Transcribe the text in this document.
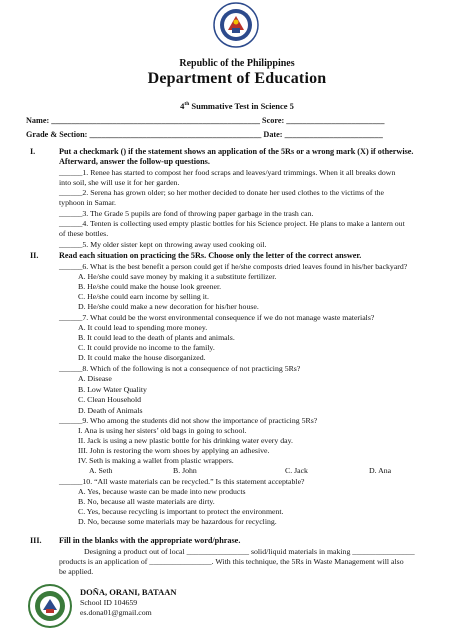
Republic of the Philippines
Department of Education
4th Summative Test in Science 5
Name: ___________________________________________________ Score: ________________________
Grade & Section: __________________________________________ Date: ________________________
I.	Put a checkmark () if the statement shows an application of the 5Rs or a wrong mark (X) if otherwise.
Afterward, answer the follow-up questions.
______1. Renee has started to compost her food scraps and leaves/yard trimmings. When it all breaks down
into soil, she will use it for her garden.
______2. Serena has grown older; so her mother decided to donate her used clothes to the victims of the
typhoon in Samar.
______3. The Grade 5 pupils are fond of throwing paper garbage in the trash can.
______4. Tenten is collecting used empty plastic bottles for his Science project. He plans to make a lantern out
of these bottles.
______5. My older sister kept on throwing away used cooking oil.
II.	Read each situation on practicing the 5Rs. Choose only the letter of the correct answer.
______6. What is the best benefit a person could get if he/she composts dried leaves found in his/her backyard?
A. He/she could save money by making it a substitute fertilizer.
B. He/she could make the house look greener.
C. He/she could earn income by selling it.
D. He/she could make a new decoration for his/her house.
______7. What could be the worst environmental consequence if we do not manage waste materials?
A. It could lead to spending more money.
B. It could lead to the death of plants and animals.
C. It could provide no income to the family.
D. It could make the house disorganized.
______8. Which of the following is not a consequence of not practicing 5Rs?
A. Disease
B. Low Water Quality
C. Clean Household
D. Death of Animals
______9. Who among the students did not show the importance of practicing 5Rs?
I. Ana is using her sisters’ old bags in going to school.
II. Jack is using a new plastic bottle for his drinking water every day.
III. John is restoring the worn shoes by applying an adhesive.
IV. Seth is making a wallet from plastic wrappers.
A. Seth	B. John	C. Jack	D. Ana
______10. “All waste materials can be recycled.” Is this statement acceptable?
A. Yes, because waste can be made into new products
B. No, because all waste materials are dirty.
C. Yes, because recycling is important to protect the environment.
D. No, because some materials may be hazardous for recycling.
III. Fill in the blanks with the appropriate word/phrase.
Designing a product out of local ________________ solid/liquid materials in making ________________
products is an application of ________________. With this technique, the 5Rs in Waste Management will also
be applied.
DOÑA, ORANI, BATAAN
School ID 104659
es.dona01@gmail.com
